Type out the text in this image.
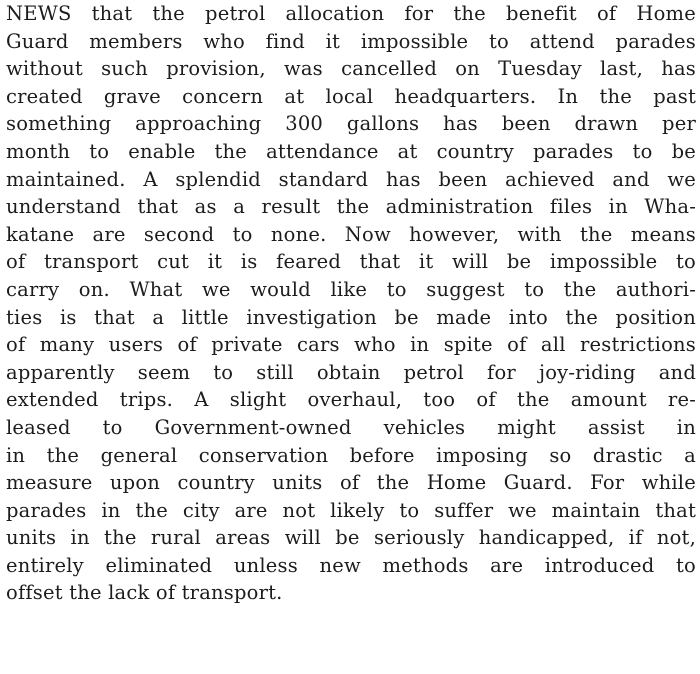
NEWS that the petrol allocation for the benefit of Home
Guard members who find it impossible to attend parades
without such provision, was cancelled on Tuesday last, has
created grave concern at local headquarters. In the past
something approaching 300 gallons has been drawn per
month to enable the attendance at country parades to be
maintained. A splendid standard has been achieved and we
understand that as a result the administration files in Wha-
katane are second to none. Now however, with the means
of transport cut it is feared that it will be impossible to
carry on. What we would like to suggest to the authori-
ties is that a little investigation be made into the position
of many users of private cars who in spite of all restrictions
apparently seem to still obtain petrol for joy-riding and
extended trips. A slight overhaul, too of the amount re-
leased to Government-owned vehicles might assist in
in the general conservation before imposing so drastic a
measure upon country units of the Home Guard. For while
parades in the city are not likely to suffer we maintain that
units in the rural areas will be seriously handicapped, if not,
entirely eliminated unless new methods are introduced to
offset the lack of transport.
